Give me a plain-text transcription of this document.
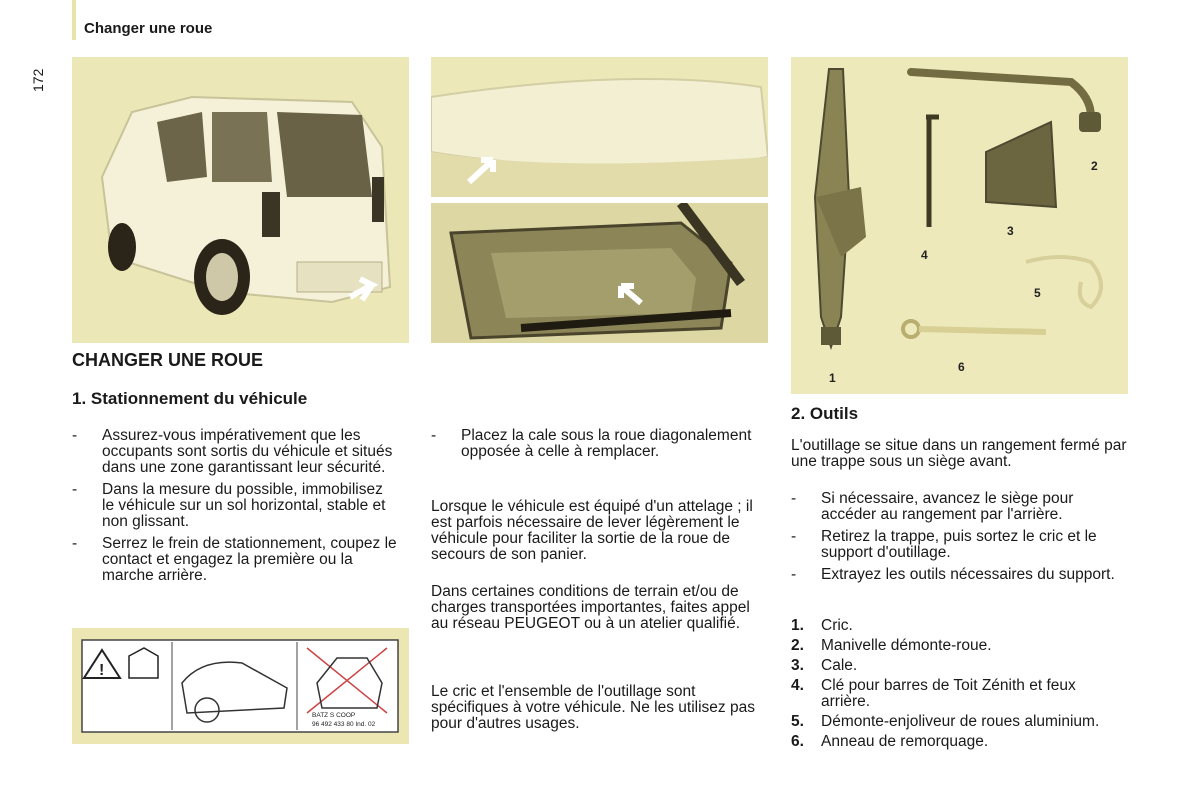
Changer une roue
172
1
2
3
4
5
6
CHANGER UNE ROUE
1. Stationnement du véhicule
- Assurez-vous impérativement que les occupants sont sortis du véhicule et situés dans une zone garantissant leur sécurité.
- Dans la mesure du possible, immobilisez le véhicule sur un sol horizontal, stable et non glissant.
- Serrez le frein de stationnement, coupez le contact et engagez la première ou la marche arrière.
!
BATZ S COOP
96 492 433 80 Ind. 02
- Placez la cale sous la roue diagonalement opposée à celle à remplacer.

Lorsque le véhicule est équipé d'un attelage ; il est parfois nécessaire de lever légèrement le véhicule pour faciliter la sortie de la roue de secours de son panier.

Dans certaines conditions de terrain et/ou de charges transportées importantes, faites appel au réseau PEUGEOT ou à un atelier qualifié.

Le cric et l'ensemble de l'outillage sont spécifiques à votre véhicule. Ne les utilisez pas pour d'autres usages.

2. Outils

L'outillage se situe dans un rangement fermé par une trappe sous un siège avant.

- Si nécessaire, avancez le siège pour accéder au rangement par l'arrière.
- Retirez la trappe, puis sortez le cric et le support d'outillage.
- Extrayez les outils nécessaires du support.
1. Cric.
2. Manivelle démonte-roue.
3. Cale.
4. Clé pour barres de Toit Zénith et feux arrière.
5. Démonte-enjoliveur de roues aluminium.
6. Anneau de remorquage.
